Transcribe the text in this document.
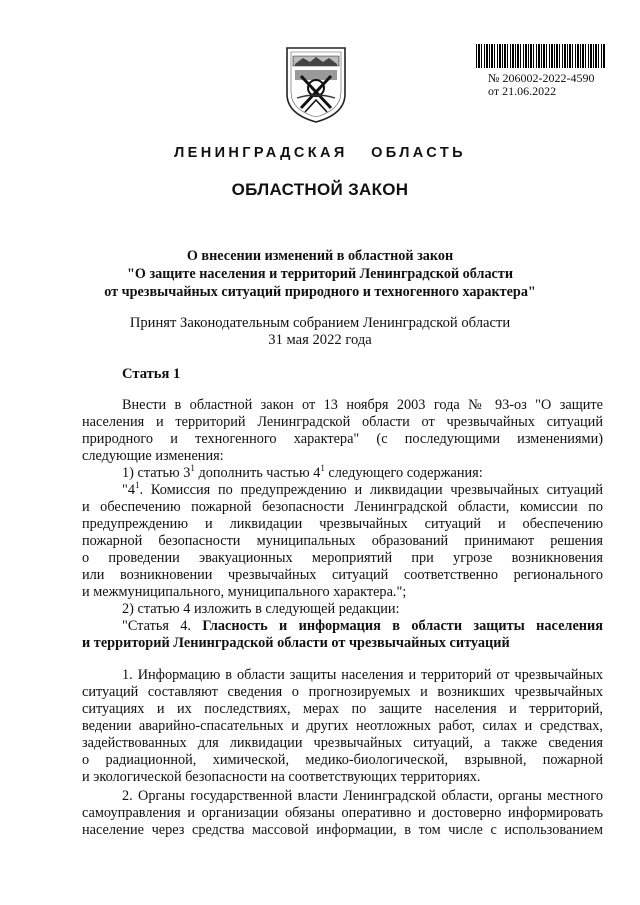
№ 206002-2022-4590
от 21.06.2022
ЛЕНИНГРАДСКАЯ ОБЛАСТЬ
ОБЛАСТНОЙ ЗАКОН
О внесении изменений в областной закон
"О защите населения и территорий Ленинградской области
от чрезвычайных ситуаций природного и техногенного характера"
Принят Законодательным собранием Ленинградской области
31 мая 2022 года
Статья 1
Внести в областной закон от 13 ноября 2003 года № 93-оз "О защите
населения и территорий Ленинградской области от чрезвычайных ситуаций
природного и техногенного характера" (с последующими изменениями)
следующие изменения:
1) статью $3^1$ дополнить частью $4^1$ следующего содержания:
"$4^1$. Комиссия по предупреждению и ликвидации чрезвычайных ситуаций
и обеспечению пожарной безопасности Ленинградской области, комиссии по
предупреждению и ликвидации чрезвычайных ситуаций и обеспечению
пожарной безопасности муниципальных образований принимают решения
о проведении эвакуационных мероприятий при угрозе возникновения
или возникновении чрезвычайных ситуаций соответственно регионального
и межмуниципального, муниципального характера.";
2) статью 4 изложить в следующей редакции:
"Статья 4. Гласность и информация в области защиты населения
и территорий Ленинградской области от чрезвычайных ситуаций
1. Информацию в области защиты населения и территорий от чрезвычайных
ситуаций составляют сведения о прогнозируемых и возникших чрезвычайных
ситуациях и их последствиях, мерах по защите населения и территорий,
ведении аварийно-спасательных и других неотложных работ, силах и средствах,
задействованных для ликвидации чрезвычайных ситуаций, а также сведения
о радиационной, химической, медико-биологической, взрывной, пожарной
и экологической безопасности на соответствующих территориях.
2. Органы государственной власти Ленинградской области, органы местного
самоуправления и организации обязаны оперативно и достоверно информировать
население через средства массовой информации, в том числе с использованием
